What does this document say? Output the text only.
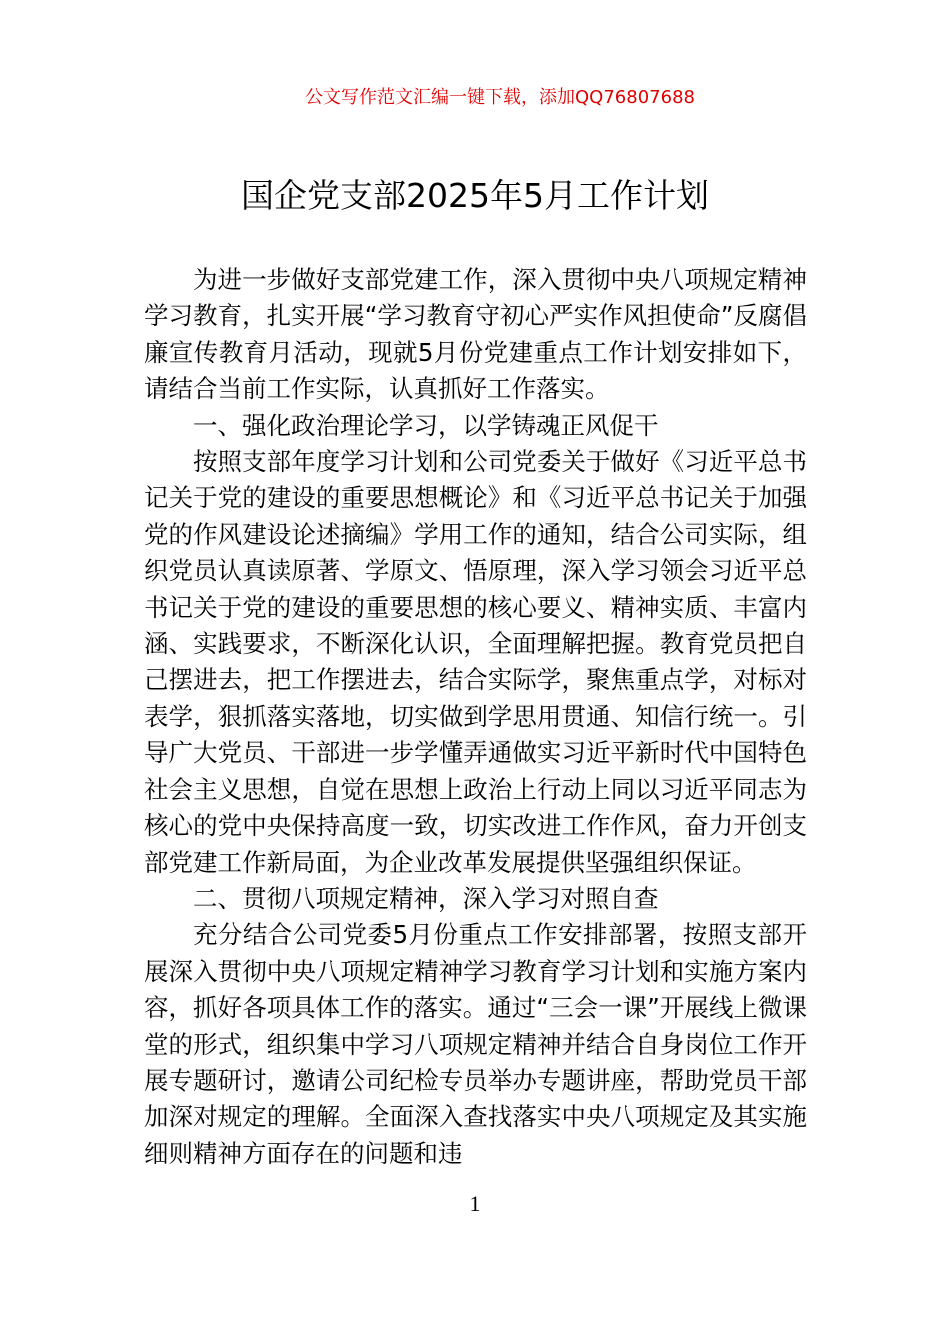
公文写作范文汇编一键下载，添加QQ76807688
国企党支部2025年5月工作计划

为进一步做好支部党建工作，深入贯彻中央八项规定精神学习教育，扎实开展“学习教育守初心严实作风担使命”反腐倡廉宣传教育月活动，现就5月份党建重点工作计划安排如下，请结合当前工作实际，认真抓好工作落实。

一、强化政治理论学习，以学铸魂正风促干

按照支部年度学习计划和公司党委关于做好《习近平总书记关于党的建设的重要思想概论》和《习近平总书记关于加强党的作风建设论述摘编》学用工作的通知，结合公司实际，组织党员认真读原著、学原文、悟原理，深入学习领会习近平总书记关于党的建设的重要思想的核心要义、精神实质、丰富内涵、实践要求，不断深化认识，全面理解把握。教育党员把自己摆进去，把工作摆进去，结合实际学，聚焦重点学，对标对表学，狠抓落实落地，切实做到学思用贯通、知信行统一。引导广大党员、干部进一步学懂弄通做实习近平新时代中国特色社会主义思想，自觉在思想上政治上行动上同以习近平同志为核心的党中央保持高度一致，切实改进工作作风，奋力开创支部党建工作新局面，为企业改革发展提供坚强组织保证。

二、贯彻八项规定精神，深入学习对照自查

充分结合公司党委5月份重点工作安排部署，按照支部开展深入贯彻中央八项规定精神学习教育学习计划和实施方案内容，抓好各项具体工作的落实。通过“三会一课”开展线上微课堂的形式，组织集中学习八项规定精神并结合自身岗位工作开展专题研讨，邀请公司纪检专员举办专题讲座，帮助党员干部加深对规定的理解。全面深入查找落实中央八项规定及其实施细则精神方面存在的问题和违

1
